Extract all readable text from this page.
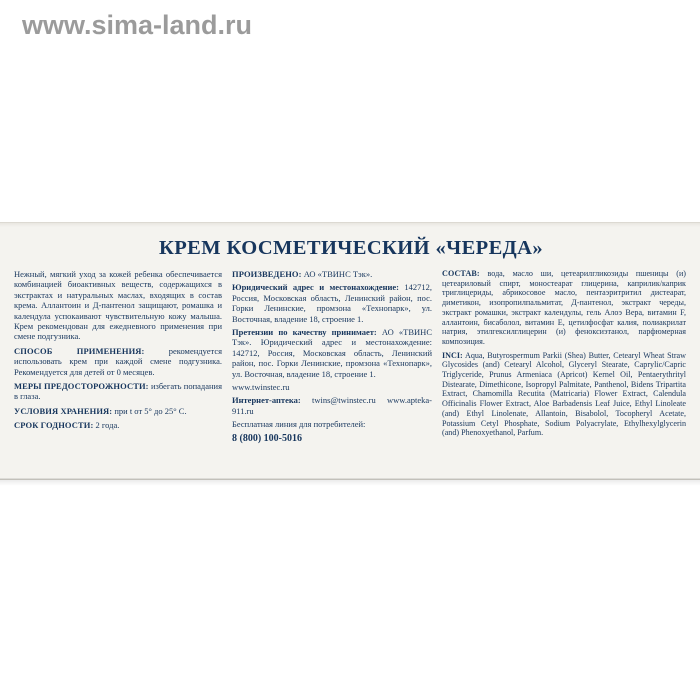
www.sima-land.ru
КРЕМ КОСМЕТИЧЕСКИЙ «ЧЕРЕДА»
Нежный, мягкий уход за кожей ребенка обеспечивается комбинацией биоактивных веществ, содержащихся в экстрактах и натуральных маслах, входящих в состав крема. Аллантоин и Д-пантенол защищают, ромашка и календула успокаивают чувствительную кожу малыша. Крем рекомендован для ежедневного применения при смене подгузника.
СПОСОБ ПРИМЕНЕНИЯ: рекомендуется использовать крем при каждой смене подгузника. Рекомендуется для детей от 0 месяцев.
МЕРЫ ПРЕДОСТОРОЖНОСТИ: избегать попадания в глаза.
УСЛОВИЯ ХРАНЕНИЯ: при t от 5° до 25° С.
СРОК ГОДНОСТИ: 2 года.
ПРОИЗВЕДЕНО: АО «ТВИНС Тэк».
Юридический адрес и местонахождение: 142712, Россия, Московская область, Ленинский район, пос. Горки Ленинские, промзона «Технопарк», ул. Восточная, владение 18, строение 1.
Претензии по качеству принимает: АО «ТВИНС Тэк». Юридический адрес и местонахождение: 142712, Россия, Московская область, Ленинский район, пос. Горки Ленинские, промзона «Технопарк», ул. Восточная, владение 18, строение 1.
www.twinstec.ru
Интернет-аптека: twins@twinstec.ru www.apteka-911.ru
Бесплатная линия для потребителей:
8 (800) 100-5016
СОСТАВ: вода, масло ши, цетеарилгликозиды пшеницы (и) цетеариловый спирт, моностеарат глицерина, каприлик/каприк триглицериды, абрикосовое масло, пентаэритритил дистеарат, диметикон, изопропилпальмитат, Д-пантенол, экстракт череды, экстракт ромашки, экстракт календулы, гель Алоэ Вера, витамин F, аллантоин, бисаболол, витамин Е, цетилфосфат калия, полиакрилат натрия, этилгексилглицерин (и) феноксиэтанол, парфюмерная композиция.
INCI: Aqua, Butyrospermum Parkii (Shea) Butter, Cetearyl Wheat Straw Glycosides (and) Cetearyl Alcohol, Glyceryl Stearate, Caprylic/Capric Triglyceride, Prunus Armeniaca (Apricot) Kernel Oil, Pentaerythrityl Distearate, Dimethicone, Isopropyl Palmitate, Panthenol, Bidens Tripartita Extract, Chamomilla Recutita (Matricaria) Flower Extract, Calendula Officinalis Flower Extract, Aloe Barbadensis Leaf Juice, Ethyl Linoleate (and) Ethyl Linolenate, Allantoin, Bisabolol, Tocopheryl Acetate, Potassium Cetyl Phosphate, Sodium Polyacrylate, Ethylhexylglycerin (and) Phenoxyethanol, Parfum.
